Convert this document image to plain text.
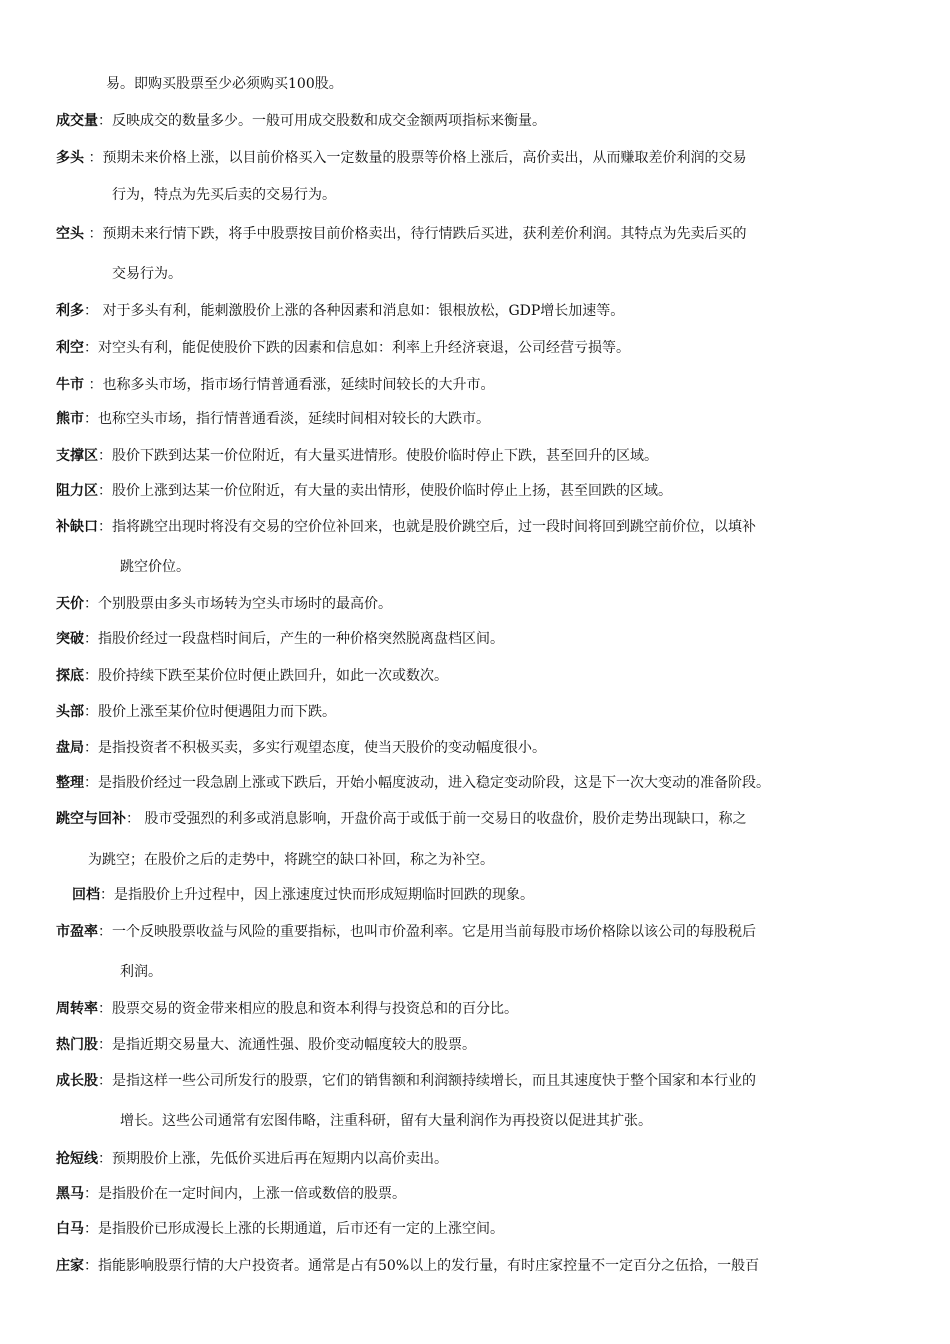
易。即购买股票至少必须购买100股。
成交量：反映成交的数量多少。一般可用成交股数和成交金额两项指标来衡量。
多头 ：预期未来价格上涨，以目前价格买入一定数量的股票等价格上涨后，高价卖出，从而赚取差价利润的交易
行为，特点为先买后卖的交易行为。
空头 ：预期未来行情下跌，将手中股票按目前价格卖出，待行情跌后买进，获利差价利润。其特点为先卖后买的
交易行为。
利多： 对于多头有利，能刺激股价上涨的各种因素和消息如：银根放松，GDP增长加速等。
利空：对空头有利，能促使股价下跌的因素和信息如：利率上升经济衰退，公司经营亏损等。
牛市 ：也称多头市场，指市场行情普通看涨，延续时间较长的大升市。
熊市：也称空头市场，指行情普通看淡，延续时间相对较长的大跌市。
支撑区：股价下跌到达某一价位附近，有大量买进情形。使股价临时停止下跌，甚至回升的区域。
阻力区：股价上涨到达某一价位附近，有大量的卖出情形，使股价临时停止上扬，甚至回跌的区域。
补缺口：指将跳空出现时将没有交易的空价位补回来，也就是股价跳空后，过一段时间将回到跳空前价位，以填补
跳空价位。
天价：个别股票由多头市场转为空头市场时的最高价。
突破：指股价经过一段盘档时间后，产生的一种价格突然脱离盘档区间。
探底：股价持续下跌至某价位时便止跌回升，如此一次或数次。
头部：股价上涨至某价位时便遇阻力而下跌。
盘局：是指投资者不积极买卖，多实行观望态度，使当天股价的变动幅度很小。
整理：是指股价经过一段急剧上涨或下跌后，开始小幅度波动，进入稳定变动阶段，这是下一次大变动的准备阶段。
跳空与回补： 股市受强烈的利多或消息影响，开盘价高于或低于前一交易日的收盘价，股价走势出现缺口，称之
为跳空；在股价之后的走势中，将跳空的缺口补回，称之为补空。
回档：是指股价上升过程中，因上涨速度过快而形成短期临时回跌的现象。
市盈率：一个反映股票收益与风险的重要指标，也叫市价盈利率。它是用当前每股市场价格除以该公司的每股税后
利润。
周转率：股票交易的资金带来相应的股息和资本利得与投资总和的百分比。
热门股：是指近期交易量大、流通性强、股价变动幅度较大的股票。
成长股：是指这样一些公司所发行的股票，它们的销售额和利润额持续增长，而且其速度快于整个国家和本行业的
增长。这些公司通常有宏图伟略，注重科研，留有大量利润作为再投资以促进其扩张。
抢短线：预期股价上涨，先低价买进后再在短期内以高价卖出。
黑马：是指股价在一定时间内，上涨一倍或数倍的股票。
白马：是指股价已形成漫长上涨的长期通道，后市还有一定的上涨空间。
庄家：指能影响股票行情的大户投资者。通常是占有50%以上的发行量，有时庄家控量不一定百分之伍拾，一般百
